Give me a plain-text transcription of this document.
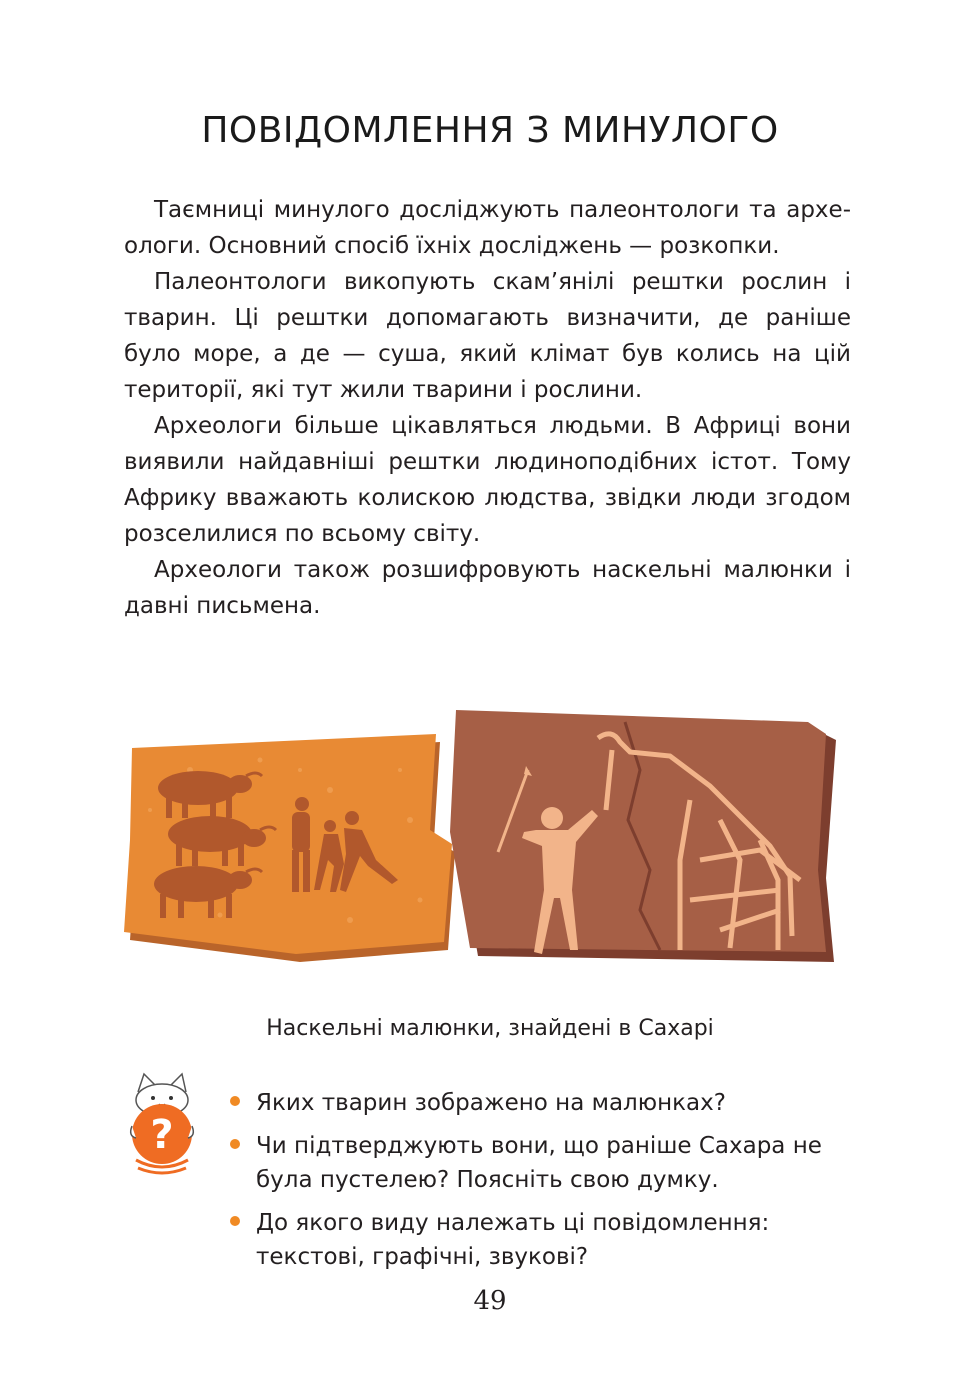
ПОВІДОМЛЕННЯ З МИНУЛОГО

Таємниці минулого досліджують палеонтологи та археологи. Основний спосіб їхніх досліджень — розкопки.

Палеонтологи викопують скам’янілі рештки рослин і тварин. Ці рештки допомагають визначити, де раніше було море, а де — суша, який клімат був колись на цій території, які тут жили тварини і рослини.

Археологи більше цікавляться людьми. В Африці вони виявили найдавніші рештки людиноподібних істот. Тому Африку вважають колискою людства, звідки люди згодом розселилися по всьому світу.

Археологи також розшифровують наскельні малюнки і давні письмена.

Наскельні малюнки, знайдені в Сахарі
?
Яких тварин зображено на малюнках?
Чи підтверджують вони, що раніше Сахара не була пустелею? Поясніть свою думку.
До якого виду належать ці повідомлення: текстові, графічні, звукові?
49
